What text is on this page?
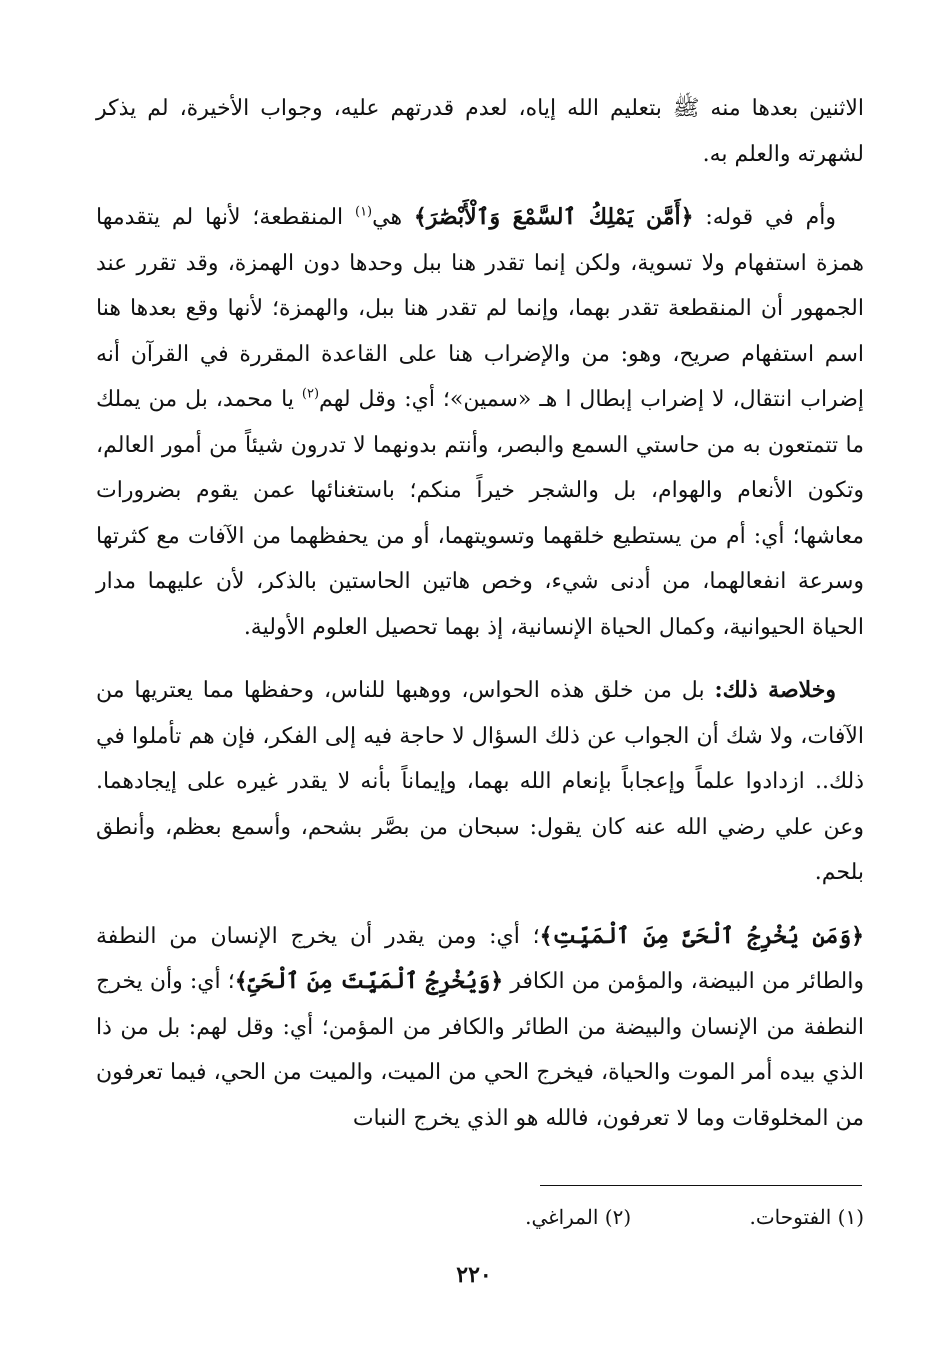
الاثنين بعدها منه ﷺ بتعليم الله إياه، لعدم قدرتهم عليه، وجواب الأخيرة، لم يذكر لشهرته والعلم به.

وأم في قوله: ﴿أَمَّن يَمْلِكُ ٱلسَّمْعَ وَٱلْأَبْصَٰرَ﴾ هي$^{(١)}$ المنقطعة؛ لأنها لم يتقدمها همزة استفهام ولا تسوية، ولكن إنما تقدر هنا ببل وحدها دون الهمزة، وقد تقرر عند الجمهور أن المنقطعة تقدر بهما، وإنما لم تقدر هنا ببل، والهمزة؛ لأنها وقع بعدها هنا اسم استفهام صريح، وهو: من والإضراب هنا على القاعدة المقررة في القرآن أنه إضراب انتقال، لا إضراب إبطال ا هـ «سمين»؛ أي: وقل لهم$^{(٢)}$ يا محمد، بل من يملك ما تتمتعون به من حاستي السمع والبصر، وأنتم بدونهما لا تدرون شيئاً من أمور العالم، وتكون الأنعام والهوام، بل والشجر خيراً منكم؛ باستغنائها عمن يقوم بضرورات معاشها؛ أي: أم من يستطيع خلقهما وتسويتهما، أو من يحفظهما من الآفات مع كثرتها وسرعة انفعالهما، من أدنى شيء، وخص هاتين الحاستين بالذكر، لأن عليهما مدار الحياة الحيوانية، وكمال الحياة الإنسانية، إذ بهما تحصيل العلوم الأولية.

وخلاصة ذلك: بل من خلق هذه الحواس، ووهبها للناس، وحفظها مما يعتريها من الآفات، ولا شك أن الجواب عن ذلك السؤال لا حاجة فيه إلى الفكر، فإن هم تأملوا في ذلك.. ازدادوا علماً وإعجاباً بإنعام الله بهما، وإيماناً بأنه لا يقدر غيره على إيجادهما. وعن علي رضي الله عنه كان يقول: سبحان من بصَّر بشحم، وأسمع بعظم، وأنطق بلحم.

﴿وَمَن يُخْرِجُ ٱلْحَىَّ مِنَ ٱلْمَيِّتِ﴾؛ أي: ومن يقدر أن يخرج الإنسان من النطفة والطائر من البيضة، والمؤمن من الكافر ﴿وَيُخْرِجُ ٱلْمَيِّتَ مِنَ ٱلْحَىِّ﴾؛ أي: وأن يخرج النطفة من الإنسان والبيضة من الطائر والكافر من المؤمن؛ أي: وقل لهم: بل من ذا الذي بيده أمر الموت والحياة، فيخرج الحي من الميت، والميت من الحي، فيما تعرفون من المخلوقات وما لا تعرفون، فالله هو الذي يخرج النبات

(١) الفتوحات. (٢) المراغي.
٢٢٠
